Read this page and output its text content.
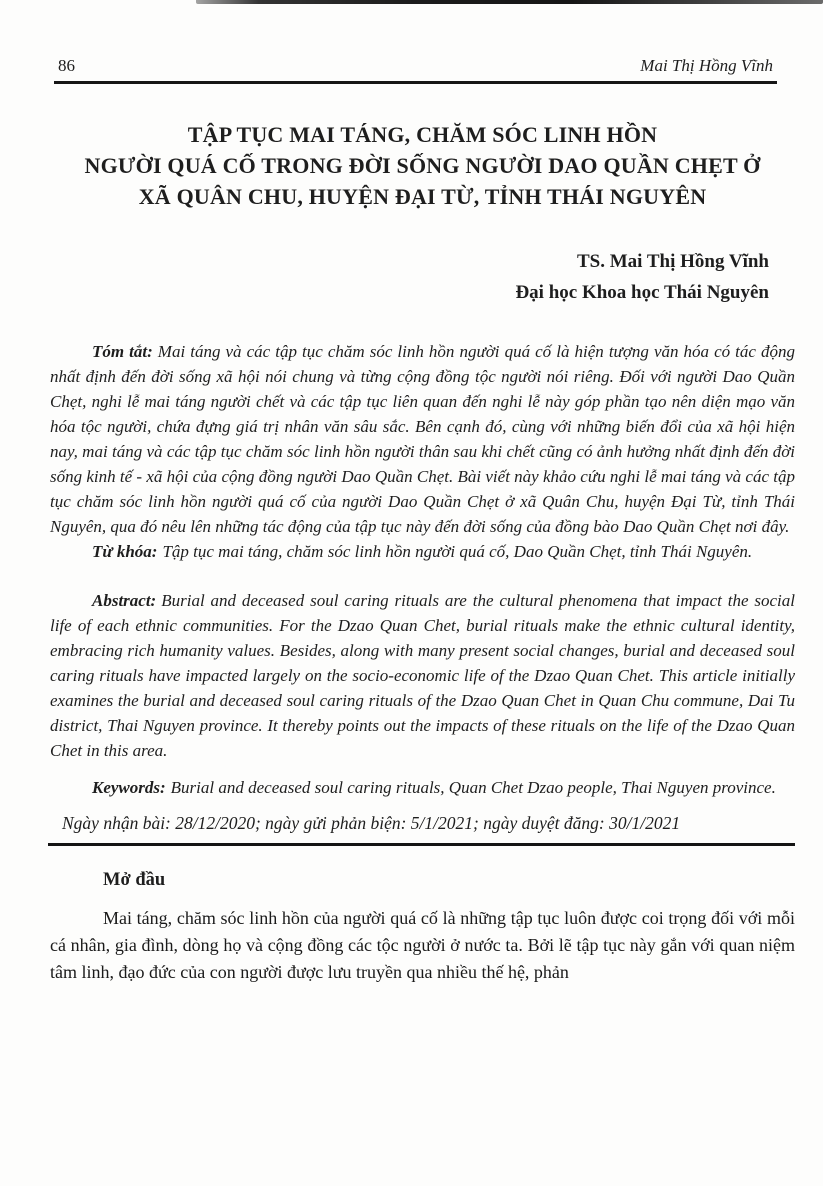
86	Mai Thị Hồng Vĩnh
TẬP TỤC MAI TÁNG, CHĂM SÓC LINH HỒN
NGƯỜI QUÁ CỐ TRONG ĐỜI SỐNG NGƯỜI DAO QUẦN CHẸT Ở
XÃ QUÂN CHU, HUYỆN ĐẠI TỪ, TỈNH THÁI NGUYÊN
TS. Mai Thị Hồng Vĩnh
Đại học Khoa học Thái Nguyên

Tóm tắt: Mai táng và các tập tục chăm sóc linh hồn người quá cố là hiện tượng văn hóa có tác động nhất định đến đời sống xã hội nói chung và từng cộng đồng tộc người nói riêng. Đối với người Dao Quần Chẹt, nghi lễ mai táng người chết và các tập tục liên quan đến nghi lễ này góp phần tạo nên diện mạo văn hóa tộc người, chứa đựng giá trị nhân văn sâu sắc. Bên cạnh đó, cùng với những biến đổi của xã hội hiện nay, mai táng và các tập tục chăm sóc linh hồn người thân sau khi chết cũng có ảnh hưởng nhất định đến đời sống kinh tế - xã hội của cộng đồng người Dao Quần Chẹt. Bài viết này khảo cứu nghi lễ mai táng và các tập tục chăm sóc linh hồn người quá cố của người Dao Quần Chẹt ở xã Quân Chu, huyện Đại Từ, tỉnh Thái Nguyên, qua đó nêu lên những tác động của tập tục này đến đời sống của đồng bào Dao Quần Chẹt nơi đây.

Từ khóa: Tập tục mai táng, chăm sóc linh hồn người quá cố, Dao Quần Chẹt, tỉnh Thái Nguyên.

Abstract: Burial and deceased soul caring rituals are the cultural phenomena that impact the social life of each ethnic communities. For the Dzao Quan Chet, burial rituals make the ethnic cultural identity, embracing rich humanity values. Besides, along with many present social changes, burial and deceased soul caring rituals have impacted largely on the socio-economic life of the Dzao Quan Chet. This article initially examines the burial and deceased soul caring rituals of the Dzao Quan Chet in Quan Chu commune, Dai Tu district, Thai Nguyen province. It thereby points out the impacts of these rituals on the life of the Dzao Quan Chet in this area.

Keywords: Burial and deceased soul caring rituals, Quan Chet Dzao people, Thai Nguyen province.

Ngày nhận bài: 28/12/2020; ngày gửi phản biện: 5/1/2021; ngày duyệt đăng: 30/1/2021
Mở đầu

Mai táng, chăm sóc linh hồn của người quá cố là những tập tục luôn được coi trọng đối với mỗi cá nhân, gia đình, dòng họ và cộng đồng các tộc người ở nước ta. Bởi lẽ tập tục này gắn với quan niệm tâm linh, đạo đức của con người được lưu truyền qua nhiều thế hệ, phản
